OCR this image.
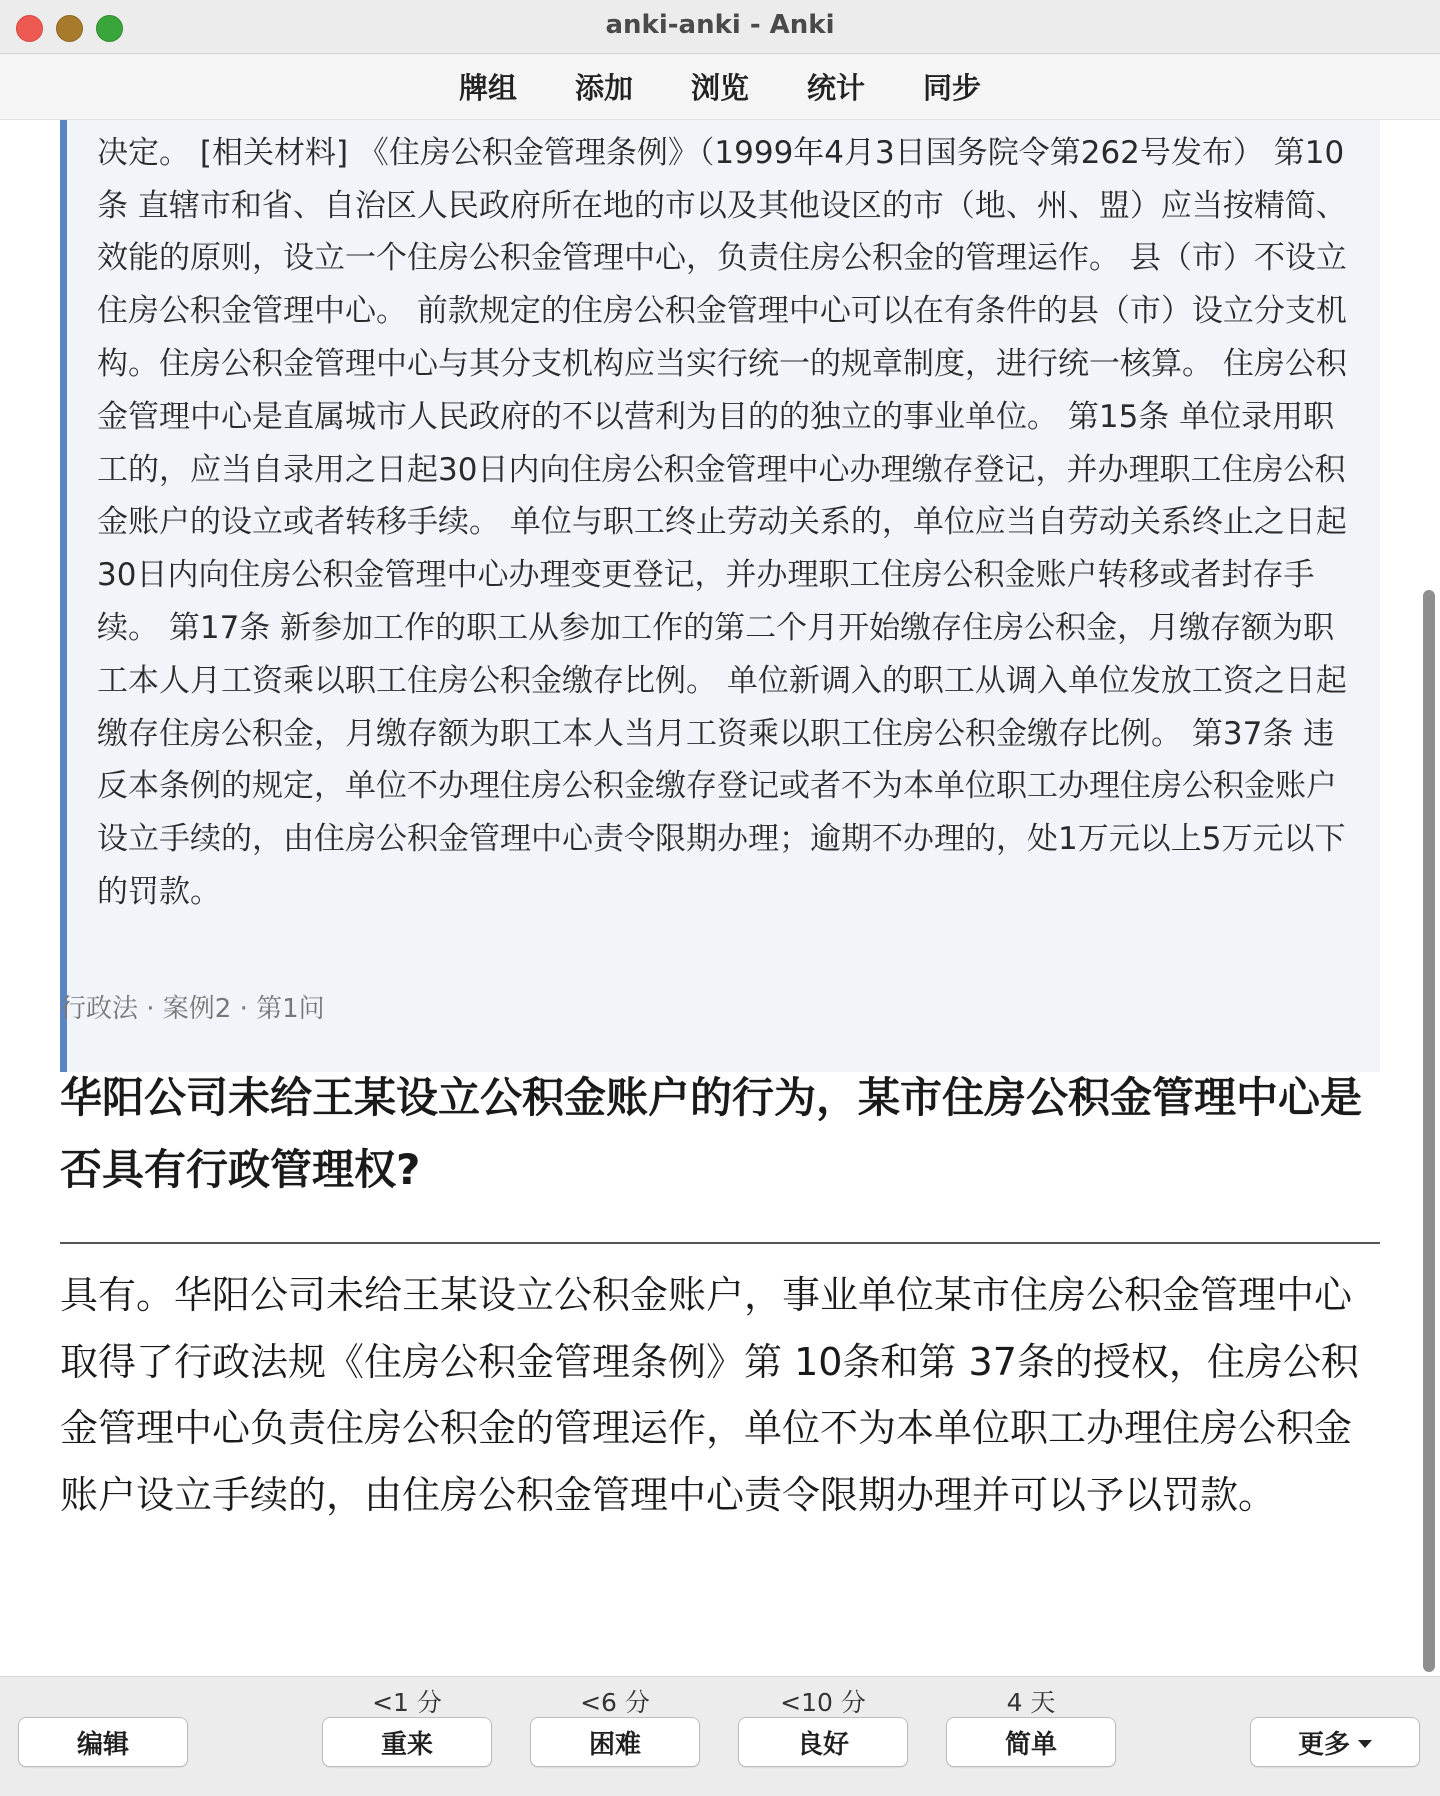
anki-anki - Anki
牌组	添加	浏览	统计	同步
决定。 [相关材料] 《住房公积金管理条例》（1999年4月3日国务院令第262号发布） 第10条 直辖市和省、自治区人民政府所在地的市以及其他设区的市（地、州、盟）应当按精简、效能的原则，设立一个住房公积金管理中心，负责住房公积金的管理运作。 县（市）不设立住房公积金管理中心。 前款规定的住房公积金管理中心可以在有条件的县（市）设立分支机构。住房公积金管理中心与其分支机构应当实行统一的规章制度，进行统一核算。 住房公积金管理中心是直属城市人民政府的不以营利为目的的独立的事业单位。 第15条 单位录用职工的，应当自录用之日起30日内向住房公积金管理中心办理缴存登记，并办理职工住房公积金账户的设立或者转移手续。 单位与职工终止劳动关系的，单位应当自劳动关系终止之日起30日内向住房公积金管理中心办理变更登记，并办理职工住房公积金账户转移或者封存手续。 第17条 新参加工作的职工从参加工作的第二个月开始缴存住房公积金，月缴存额为职工本人月工资乘以职工住房公积金缴存比例。 单位新调入的职工从调入单位发放工资之日起缴存住房公积金，月缴存额为职工本人当月工资乘以职工住房公积金缴存比例。 第37条 违反本条例的规定，单位不办理住房公积金缴存登记或者不为本单位职工办理住房公积金账户设立手续的，由住房公积金管理中心责令限期办理；逾期不办理的，处1万元以上5万元以下的罚款。
行政法 · 案例2 · 第1问
华阳公司未给王某设立公积金账户的行为，某市住房公积金管理中心是否具有行政管理权?
具有。华阳公司未给王某设立公积金账户，事业单位某市住房公积金管理中心取得了行政法规《住房公积金管理条例》第 10条和第 37条的授权，住房公积金管理中心负责住房公积金的管理运作，单位不为本单位职工办理住房公积金账户设立手续的，由住房公积金管理中心责令限期办理并可以予以罚款。
编辑
<1 分
重来
<6 分
困难
<10 分
良好
4 天
简单	更多
